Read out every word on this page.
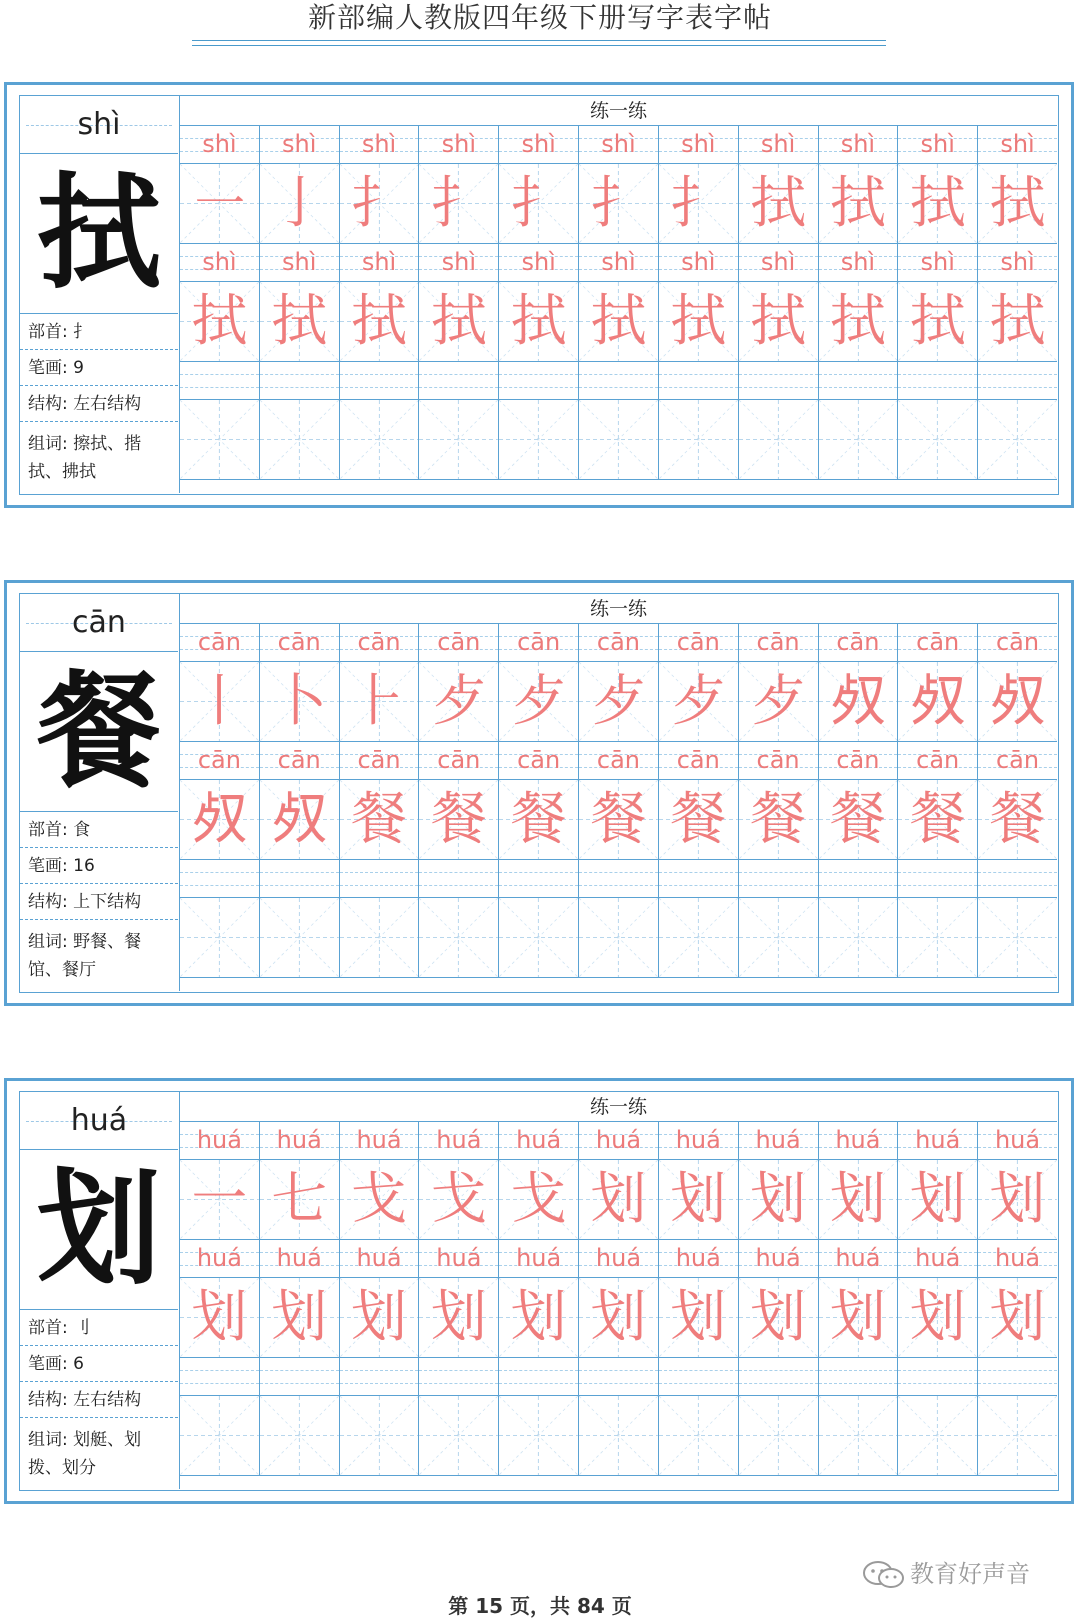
新部编人教版四年级下册写字表字帖
shì
拭
部首: 扌
笔画: 9
结构: 左右结构
组词: 擦拭、揩
拭、拂拭
练一练
shì	shì	shì	shì	shì	shì	shì	shì	shì	shì	shì
㇐ 亅 扌 扌 扌 扌 扌 拭 拭 拭 拭
shì	shì	shì	shì	shì	shì	shì	shì	shì	shì	shì
拭 拭 拭 拭 拭 拭 拭 拭 拭 拭 拭
cān
餐
部首: 食
笔画: 16
结构: 上下结构
组词: 野餐、餐
馆、餐厅
练一练
cān	cān	cān	cān	cān	cān	cān	cān	cān	cān	cān
丨 卜 ⺊ 歺 歺 歺 歺 歺 𣦼 𣦼 𣦼
cān	cān	cān	cān	cān	cān	cān	cān	cān	cān	cān
𣦼 𣦼 餐 餐 餐 餐 餐 餐 餐 餐 餐
huá
划
部首: 刂
笔画: 6
结构: 左右结构
组词: 划艇、划
拨、划分
练一练
huá	huá	huá	huá	huá	huá	huá	huá	huá	huá	huá
一 七 戈 戈 戈 划 划 划 划 划 划
huá	huá	huá	huá	huá	huá	huá	huá	huá	huá	huá
划 划 划 划 划 划 划 划 划 划 划
教育好声音
第 15 页，共 84 页
